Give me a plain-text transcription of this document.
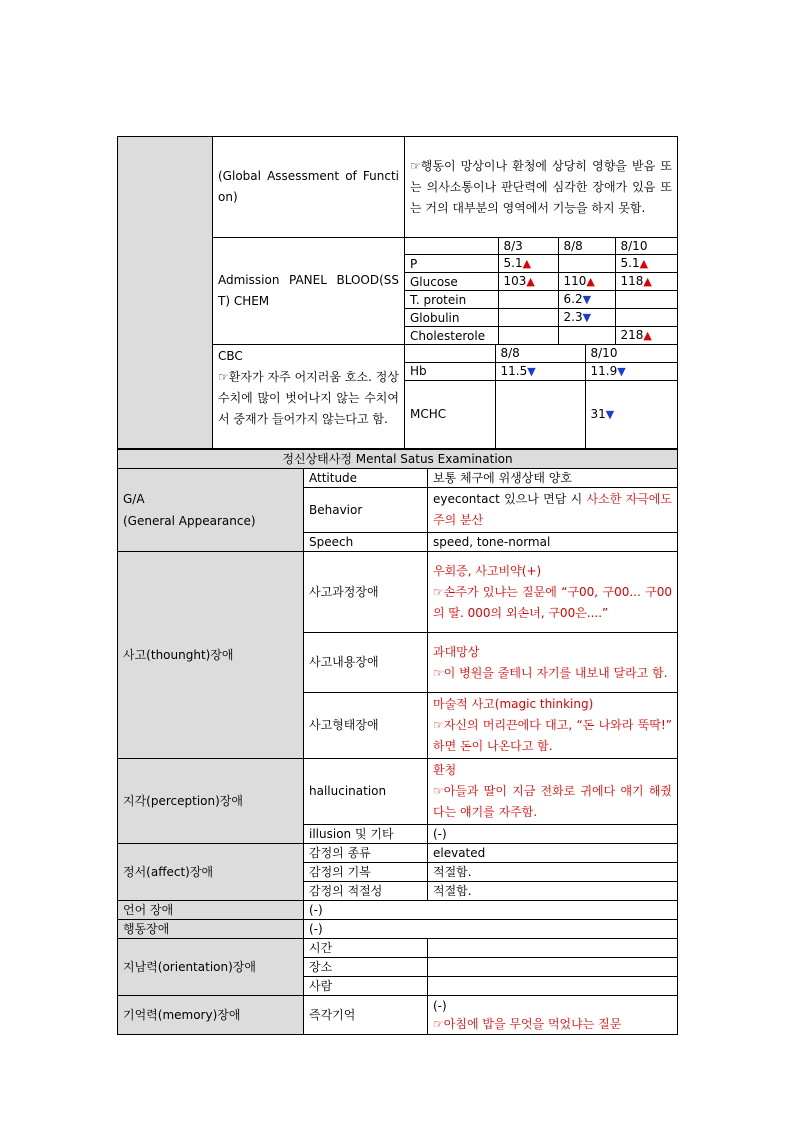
	(Global Assessment of Function)	☞행동이 망상이나 환청에 상당히 영향을 받음 또는 의사소통이나 판단력에 심각한 장애가 있음 또는 거의 대부분의 영역에서 기능을 하지 못함.
Admission PANEL BLOOD(SST) CHEM	
	8/3	8/8	8/10
P	5.1▲		5.1▲
Glucose	103▲	110▲	118▲
T. protein		6.2▼	
Globulin		2.3▼	
Cholesterole			218▲

CBC
☞환자가 자주 어지러움 호소. 정상수치에 많이 벗어나지 않는 수치여서 중재가 들어가지 않는다고 함.

	8/8	8/10
Hb	11.5▼	11.9▼
MCHC		31▼
정신상태사정 Mental Satus Examination		

G/A
(General Appearance)	Attitude	보통 체구에 위생상태 양호
	Behavior	eyecontact 있으나 면담 시 사소한 자극에도 주의 분산
	Speech	speed, tone-normal
사고(thounght)장애	사고과정장애	우회증, 사고비약(+)
☞손주가 있냐는 질문에 “구00, 구00... 구00의 딸. 000의 외손녀, 구00은....”

	사고내용장애	과대망상
☞이 병원을 줄테니 자기를 내보내 달라고 함.

	사고형태장애	마술적 사고(magic thinking)
☞자신의 머리끈에다 대고, “돈 나와라 뚝딱!” 하면 돈이 나온다고 함.

지각(perception)장애	hallucination	환청
☞아들과 딸이 지금 전화로 귀에다 얘기 해줬다는 얘기를 자주함.

	illusion 및 기타	(-)
정서(affect)장애	감정의 종류	elevated
	감정의 기복	적절함.
	감정의 적절성	적절함.
언어 장애	(-)	
행동장애	(-)	
지남력(orientation)장애	시간	
	장소	
	사람	
기억력(memory)장애	즉각기억	(-)
☞아침에 밥을 무엇을 먹었냐는 질문
